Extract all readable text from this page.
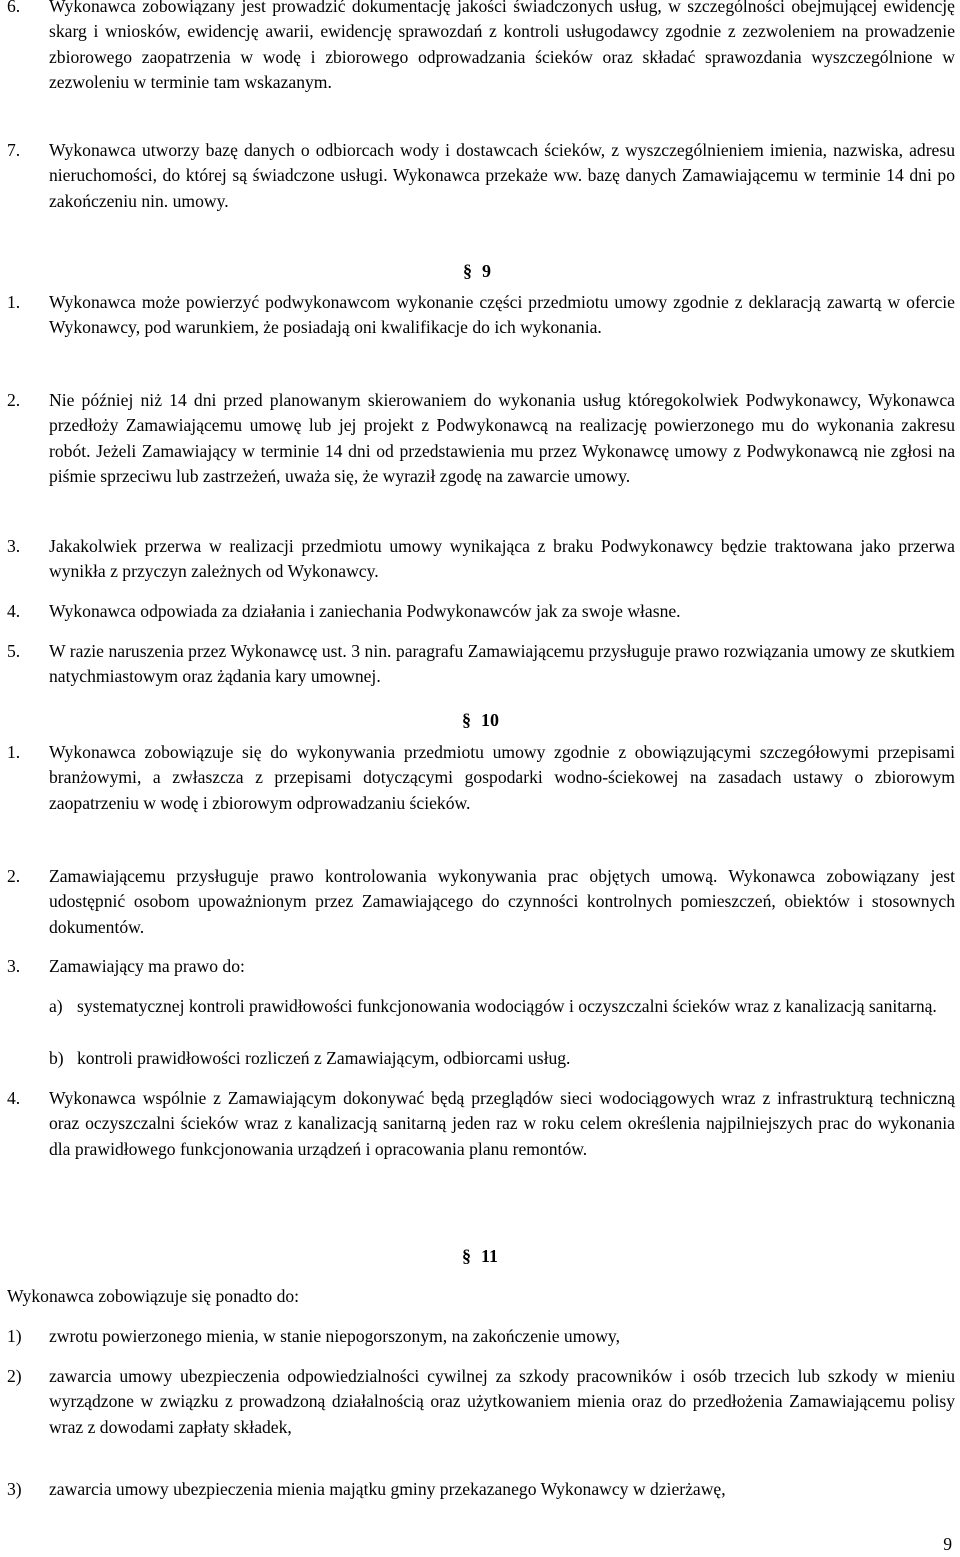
6.	Wykonawca zobowiązany jest prowadzić dokumentację jakości świadczonych usług, w szczególności obejmującej ewidencję skarg i wniosków, ewidencję awarii, ewidencję sprawozdań z kontroli usługodawcy zgodnie z zezwoleniem na prowadzenie zbiorowego zaopatrzenia w wodę i zbiorowego odprowadzania ścieków oraz składać sprawozdania wyszczególnione w zezwoleniu w terminie tam wskazanym.
7.	Wykonawca utworzy bazę danych o odbiorcach wody i dostawcach ścieków, z wyszczególnieniem imienia, nazwiska, adresu nieruchomości, do której są świadczone usługi. Wykonawca przekaże ww. bazę danych Zamawiającemu w terminie 14 dni po zakończeniu nin. umowy.
§ 9
1.	Wykonawca może powierzyć podwykonawcom wykonanie części przedmiotu umowy zgodnie z deklaracją zawartą w ofercie Wykonawcy, pod warunkiem, że posiadają oni kwalifikacje do ich wykonania.
2.	Nie później niż 14 dni przed planowanym skierowaniem do wykonania usług któregokolwiek Podwykonawcy, Wykonawca przedłoży Zamawiającemu umowę lub jej projekt z Podwykonawcą na realizację powierzonego mu do wykonania zakresu robót. Jeżeli Zamawiający w terminie 14 dni od przedstawienia mu przez Wykonawcę umowy z Podwykonawcą nie zgłosi na piśmie sprzeciwu lub zastrzeżeń, uważa się, że wyraził zgodę na zawarcie umowy.
3.	Jakakolwiek przerwa w realizacji przedmiotu umowy wynikająca z braku Podwykonawcy będzie traktowana jako przerwa wynikła z przyczyn zależnych od Wykonawcy.
4.	Wykonawca odpowiada za działania i zaniechania Podwykonawców jak za swoje własne.
5.	W razie naruszenia przez Wykonawcę ust. 3 nin. paragrafu Zamawiającemu przysługuje prawo rozwiązania umowy ze skutkiem natychmiastowym oraz żądania kary umownej.
§ 10
1.	Wykonawca zobowiązuje się do wykonywania przedmiotu umowy zgodnie z obowiązującymi szczegółowymi przepisami branżowymi, a zwłaszcza z przepisami dotyczącymi gospodarki wodno-ściekowej na zasadach ustawy o zbiorowym zaopatrzeniu w wodę i zbiorowym odprowadzaniu ścieków.
2.	Zamawiającemu przysługuje prawo kontrolowania wykonywania prac objętych umową. Wykonawca zobowiązany jest udostępnić osobom upoważnionym przez Zamawiającego do czynności kontrolnych pomieszczeń, obiektów i stosownych dokumentów.
3.	Zamawiający ma prawo do:
a) systematycznej kontroli prawidłowości funkcjonowania wodociągów i oczyszczalni ścieków wraz z kanalizacją sanitarną.
b) kontroli prawidłowości rozliczeń z Zamawiającym, odbiorcami usług.
4.	Wykonawca wspólnie z Zamawiającym dokonywać będą przeglądów sieci wodociągowych wraz z infrastrukturą techniczną oraz oczyszczalni ścieków wraz z kanalizacją sanitarną jeden raz w roku celem określenia najpilniejszych prac do wykonania dla prawidłowego funkcjonowania urządzeń i opracowania planu remontów.
§ 11
Wykonawca zobowiązuje się ponadto do:
1)	zwrotu powierzonego mienia, w stanie niepogorszonym, na zakończenie umowy,
2)	zawarcia umowy ubezpieczenia odpowiedzialności cywilnej za szkody pracowników i osób trzecich lub szkody w mieniu wyrządzone w związku z prowadzoną działalnością oraz użytkowaniem mienia oraz do przedłożenia Zamawiającemu polisy wraz z dowodami zapłaty składek,
3)	zawarcia umowy ubezpieczenia mienia majątku gminy przekazanego Wykonawcy w dzierżawę,
9
